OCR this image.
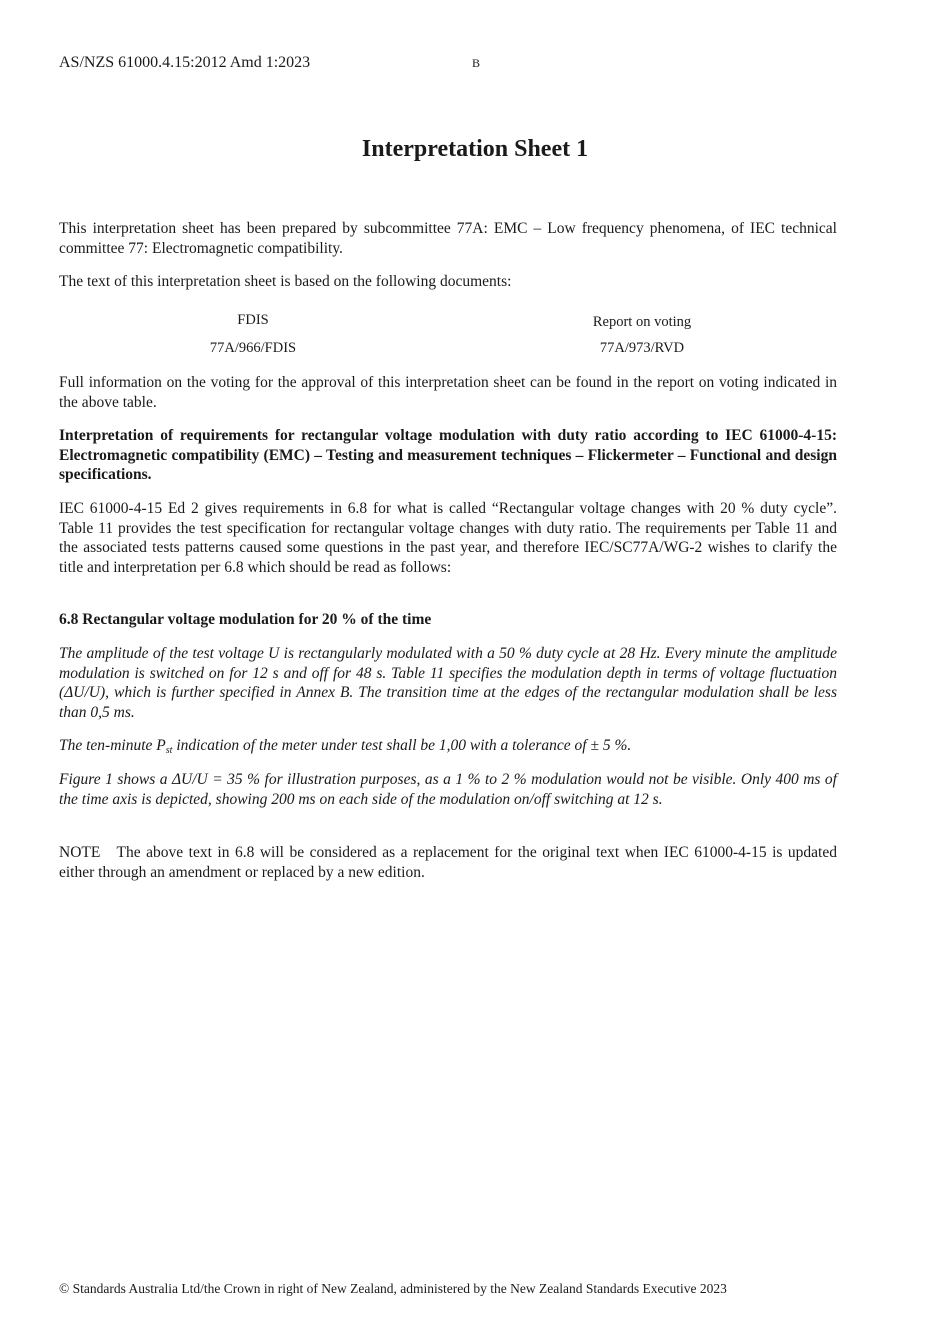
AS/NZS 61000.4.15:2012 Amd 1:2023	B
Interpretation Sheet 1
This interpretation sheet has been prepared by subcommittee 77A: EMC – Low frequency phenomena, of IEC technical committee 77: Electromagnetic compatibility.
The text of this interpretation sheet is based on the following documents:
FDIS	Report on voting
77A/966/FDIS	77A/973/RVD
Full information on the voting for the approval of this interpretation sheet can be found in the report on voting indicated in the above table.
Interpretation of requirements for rectangular voltage modulation with duty ratio according to IEC 61000-4-15: Electromagnetic compatibility (EMC) – Testing and measurement techniques – Flickermeter – Functional and design specifications.
IEC 61000-4-15 Ed 2 gives requirements in 6.8 for what is called “Rectangular voltage changes with 20 % duty cycle”. Table 11 provides the test specification for rectangular voltage changes with duty ratio. The requirements per Table 11 and the associated tests patterns caused some questions in the past year, and therefore IEC/SC77A/WG-2 wishes to clarify the title and interpretation per 6.8 which should be read as follows:
6.8 Rectangular voltage modulation for 20 % of the time
The amplitude of the test voltage U is rectangularly modulated with a 50 % duty cycle at 28 Hz. Every minute the amplitude modulation is switched on for 12 s and off for 48 s. Table 11 specifies the modulation depth in terms of voltage fluctuation (ΔU/U), which is further specified in Annex B. The transition time at the edges of the rectangular modulation shall be less than 0,5 ms.
The ten-minute $P_{st}$ indication of the meter under test shall be 1,00 with a tolerance of ± 5 %.
Figure 1 shows a ΔU/U = 35 % for illustration purposes, as a 1 % to 2 % modulation would not be visible. Only 400 ms of the time axis is depicted, showing 200 ms on each side of the modulation on/off switching at 12 s.
NOTE   The above text in 6.8 will be considered as a replacement for the original text when IEC 61000-4-15 is updated either through an amendment or replaced by a new edition.
© Standards Australia Ltd/the Crown in right of New Zealand, administered by the New Zealand Standards Executive 2023
